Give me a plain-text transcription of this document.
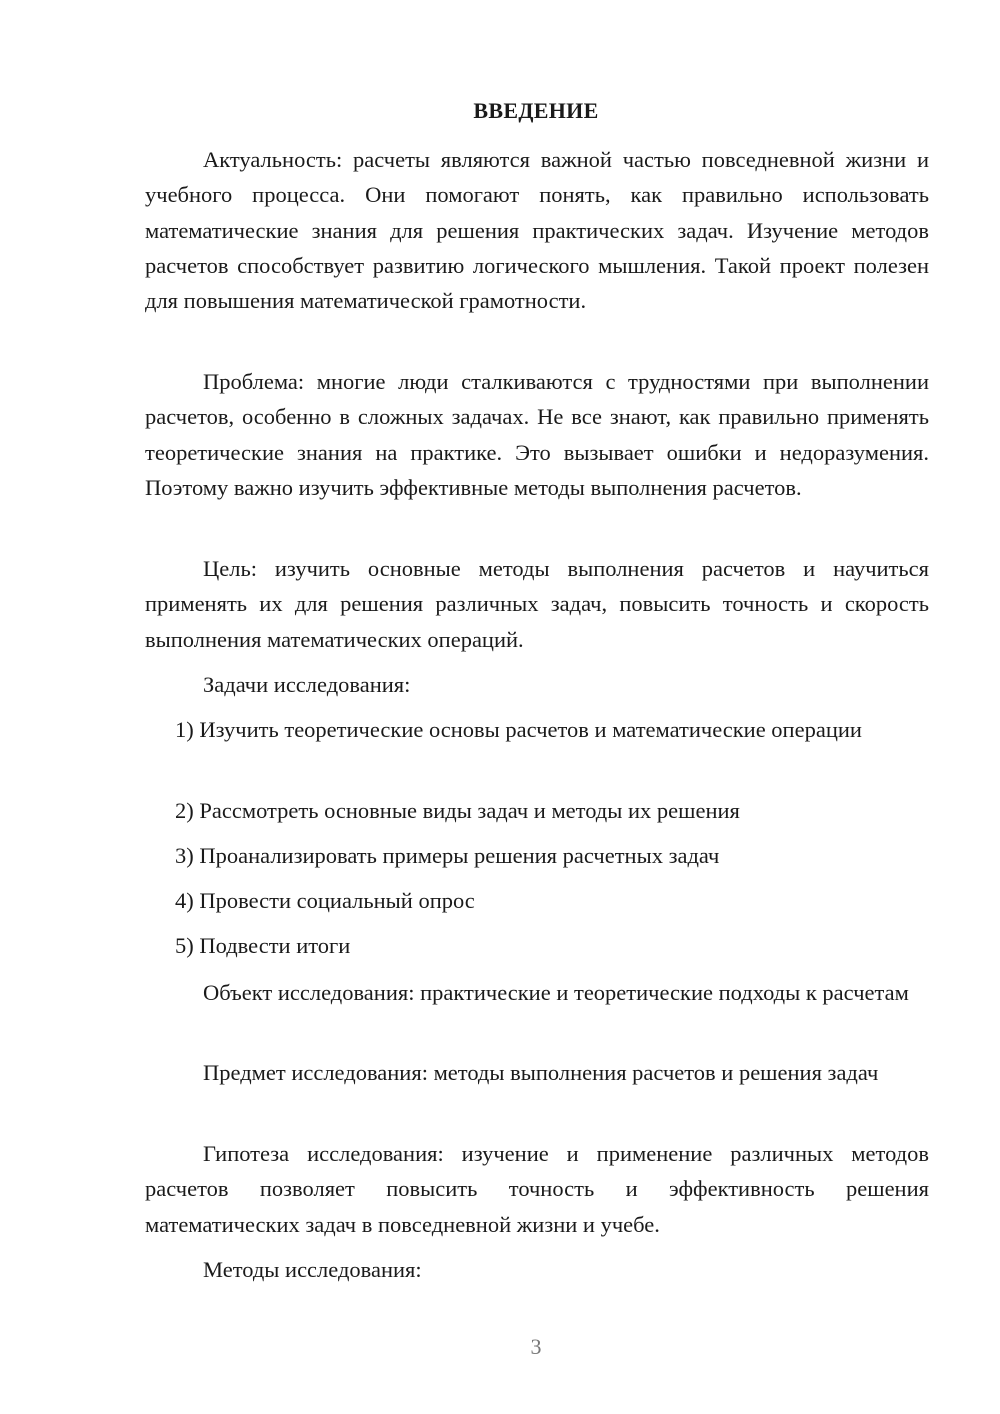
ВВЕДЕНИЕ

Актуальность: расчеты являются важной частью повседневной жизни и учебного процесса. Они помогают понять, как правильно использовать математические знания для решения практических задач. Изучение методов расчетов способствует развитию логического мышления. Такой проект полезен для повышения математической грамотности.

Проблема: многие люди сталкиваются с трудностями при выполнении расчетов, особенно в сложных задачах. Не все знают, как правильно применять теоретические знания на практике. Это вызывает ошибки и недоразумения. Поэтому важно изучить эффективные методы выполнения расчетов.

Цель: изучить основные методы выполнения расчетов и научиться применять их для решения различных задач, повысить точность и скорость выполнения математических операций.

Задачи исследования:

1) Изучить теоретические основы расчетов и математические операции

2) Рассмотреть основные виды задач и методы их решения

3) Проанализировать примеры решения расчетных задач

4) Провести социальный опрос

5) Подвести итоги

Объект исследования: практические и теоретические подходы к расчетам

Предмет исследования: методы выполнения расчетов и решения задач

Гипотеза исследования: изучение и применение различных методов расчетов позволяет повысить точность и эффективность решения математических задач в повседневной жизни и учебе.

Методы исследования:

3
